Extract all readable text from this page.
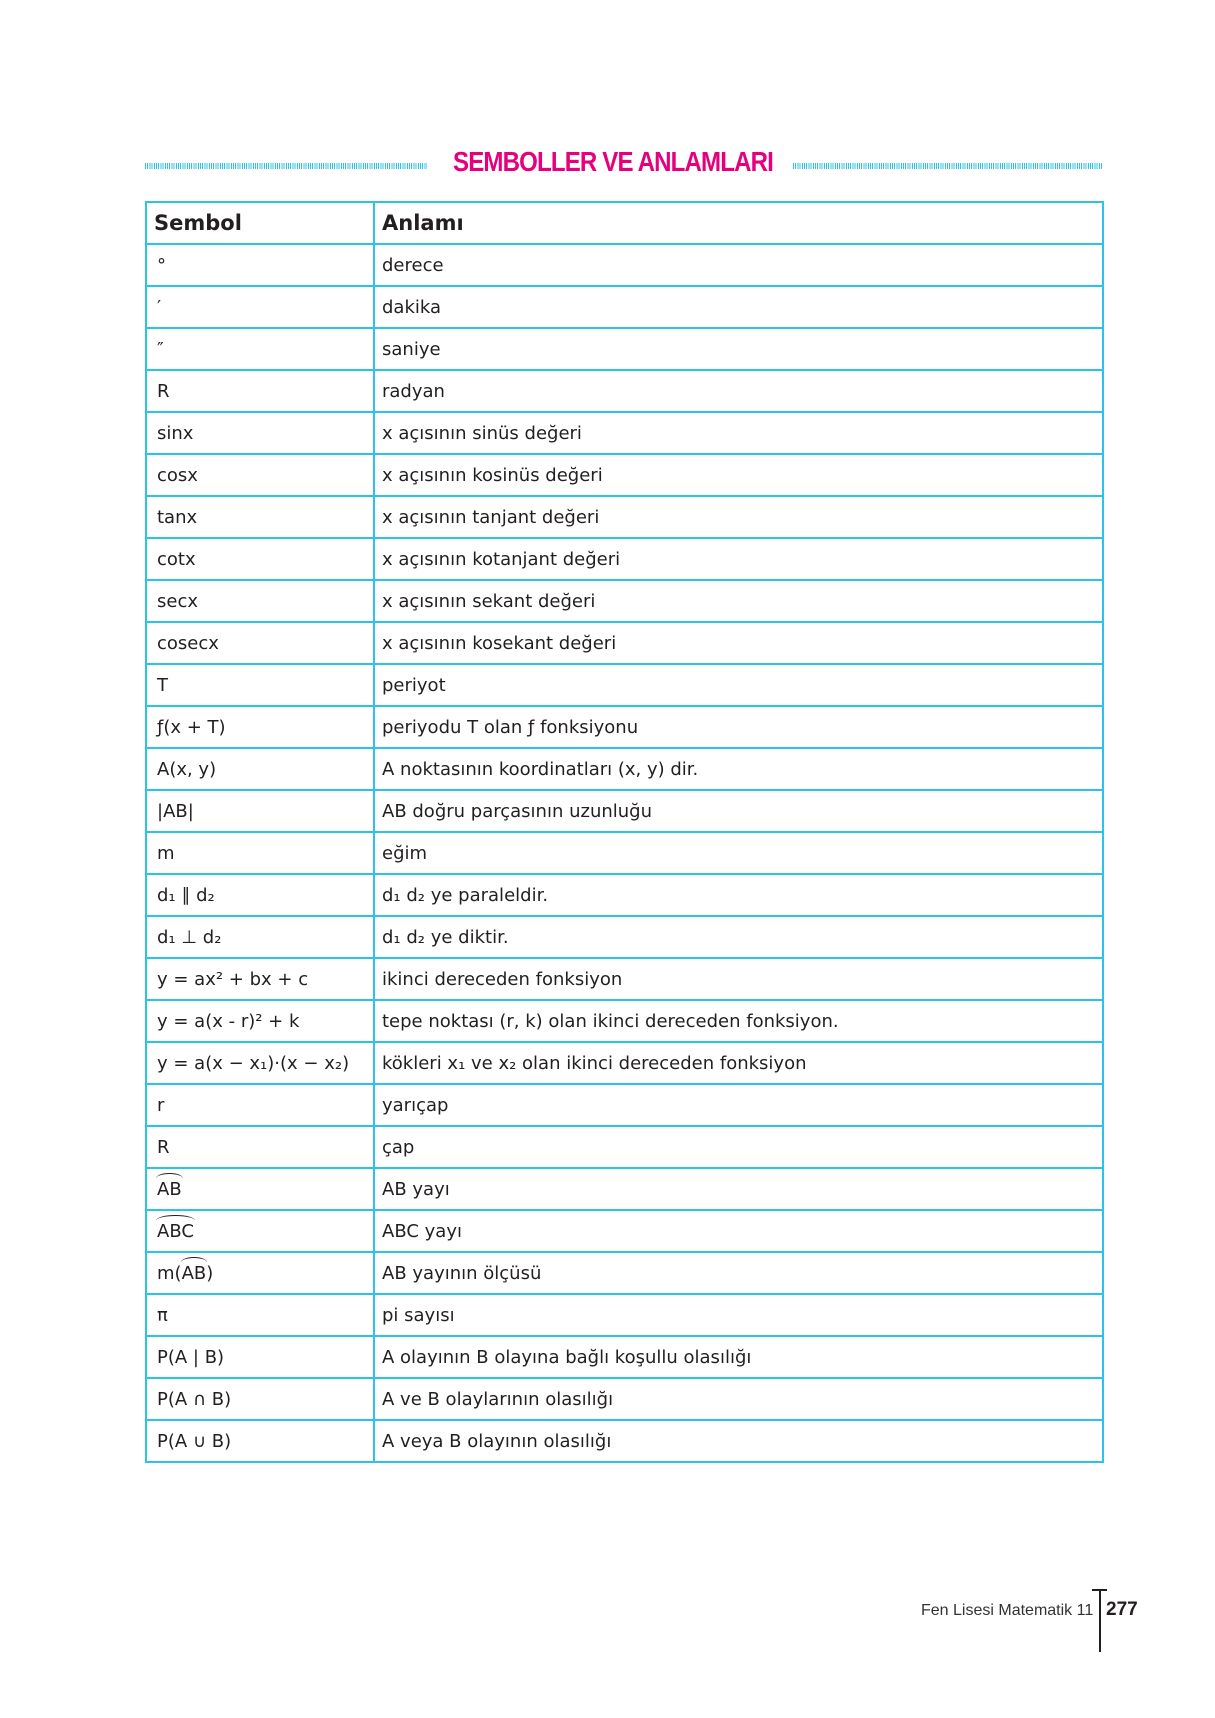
SEMBOLLER VE ANLAMLARI
Sembol	Anlamı
°	derece
′	dakika
″	saniye
R	radyan
sinx	x açısının sinüs değeri
cosx	x açısının kosinüs değeri
tanx	x açısının tanjant değeri
cotx	x açısının kotanjant değeri
secx	x açısının sekant değeri
cosecx	x açısının kosekant değeri
T	periyot
ƒ(x + T)	periyodu T olan ƒ fonksiyonu
A(x, y)	A noktasının koordinatları (x, y) dir.
|AB|	AB doğru parçasının uzunluğu
m	eğim
d₁ ∥ d₂	d₁ d₂ ye paraleldir.
d₁ ⊥ d₂	d₁ d₂ ye diktir.
y = ax² + bx + c	ikinci dereceden fonksiyon
y = a(x - r)² + k	tepe noktası (r, k) olan ikinci dereceden fonksiyon.
y = a(x − x₁)·(x − x₂)	kökleri x₁ ve x₂ olan ikinci dereceden fonksiyon
r	yarıçap
R	çap
AB	AB yayı
ABC	ABC yayı
m(AB)	AB yayının ölçüsü
π	pi sayısı
P(A | B)	A olayının B olayına bağlı koşullu olasılığı
P(A ∩ B)	A ve B olaylarının olasılığı
P(A ∪ B)	A veya B olayının olasılığı
Fen Lisesi Matematik 11 277
